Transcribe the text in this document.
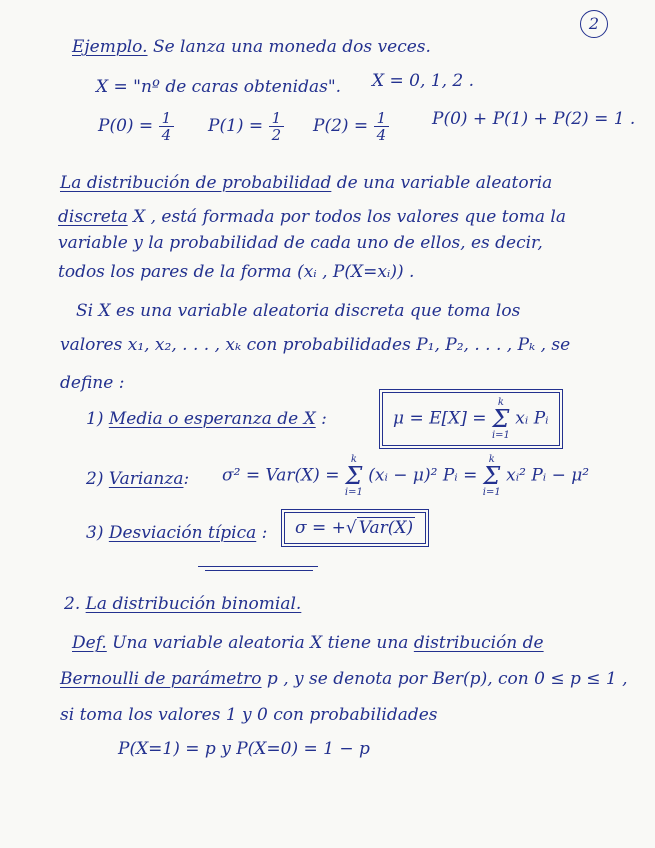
2
Ejemplo. Se lanza una moneda dos veces.
X = "nº de caras obtenidas". X = 0, 1, 2 .
$P(0) = \frac{1}{4} P(1) = \frac{1}{2} P(2) = \frac{1}{4}$	P(0) + P(1) + P(2) = 1 .
La distribución de probabilidad de una variable aleatoria
discreta X , está formada por todos los valores que toma la
variable y la probabilidad de cada uno de ellos, es decir,
todos los pares de la forma (xᵢ , P(X=xᵢ)) .
Si X es una variable aleatoria discreta que toma los
valores x₁, x₂, . . . , xₖ con probabilidades P₁, P₂, . . . , Pₖ , se
define :
1) Media o esperanza de X :	μ = E[X] =
k
Σ
i=1
xᵢ Pᵢ
2) Varianza: σ² = Var(X) =
k
Σ
i=1
(xᵢ − μ)² Pᵢ =
k
Σ
i=1
xᵢ² Pᵢ − μ²
3) Desviación típica :	σ = +√ Var(X)
2. La distribución binomial.
Def. Una variable aleatoria X tiene una distribución de
Bernoulli de parámetro p , y se denota por Ber(p), con 0 ≤ p ≤ 1 ,
si toma los valores 1 y 0 con probabilidades
P(X=1) = p y P(X=0) = 1 − p
